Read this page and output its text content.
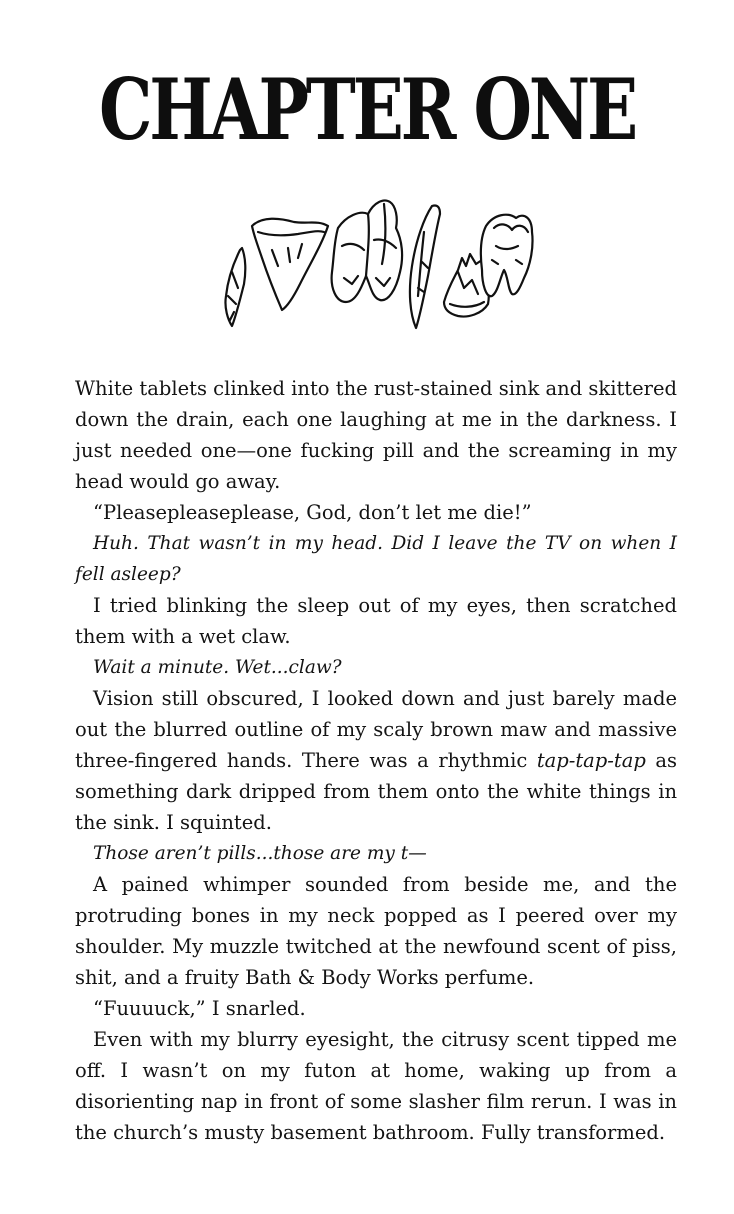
CHAPTER ONE

White tablets clinked into the rust-stained sink and skittered down the drain, each one laughing at me in the darkness. I just needed one—one fucking pill and the screaming in my head would go away.

“Pleasepleaseplease, God, don’t let me die!”

Huh. That wasn’t in my head. Did I leave the TV on when I fell asleep?

I tried blinking the sleep out of my eyes, then scratched them with a wet claw.

Wait a minute. Wet...claw?

Vision still obscured, I looked down and just barely made out the blurred outline of my scaly brown maw and massive three-fingered hands. There was a rhythmic tap-tap-tap as something dark dripped from them onto the white things in the sink. I squinted.

Those aren’t pills...those are my t—

A pained whimper sounded from beside me, and the protruding bones in my neck popped as I peered over my shoulder. My muzzle twitched at the newfound scent of piss, shit, and a fruity Bath & Body Works perfume.

“Fuuuuck,” I snarled.

Even with my blurry eyesight, the citrusy scent tipped me off. I wasn’t on my futon at home, waking up from a disorienting nap in front of some slasher film rerun. I was in the church’s musty basement bathroom. Fully transformed.
